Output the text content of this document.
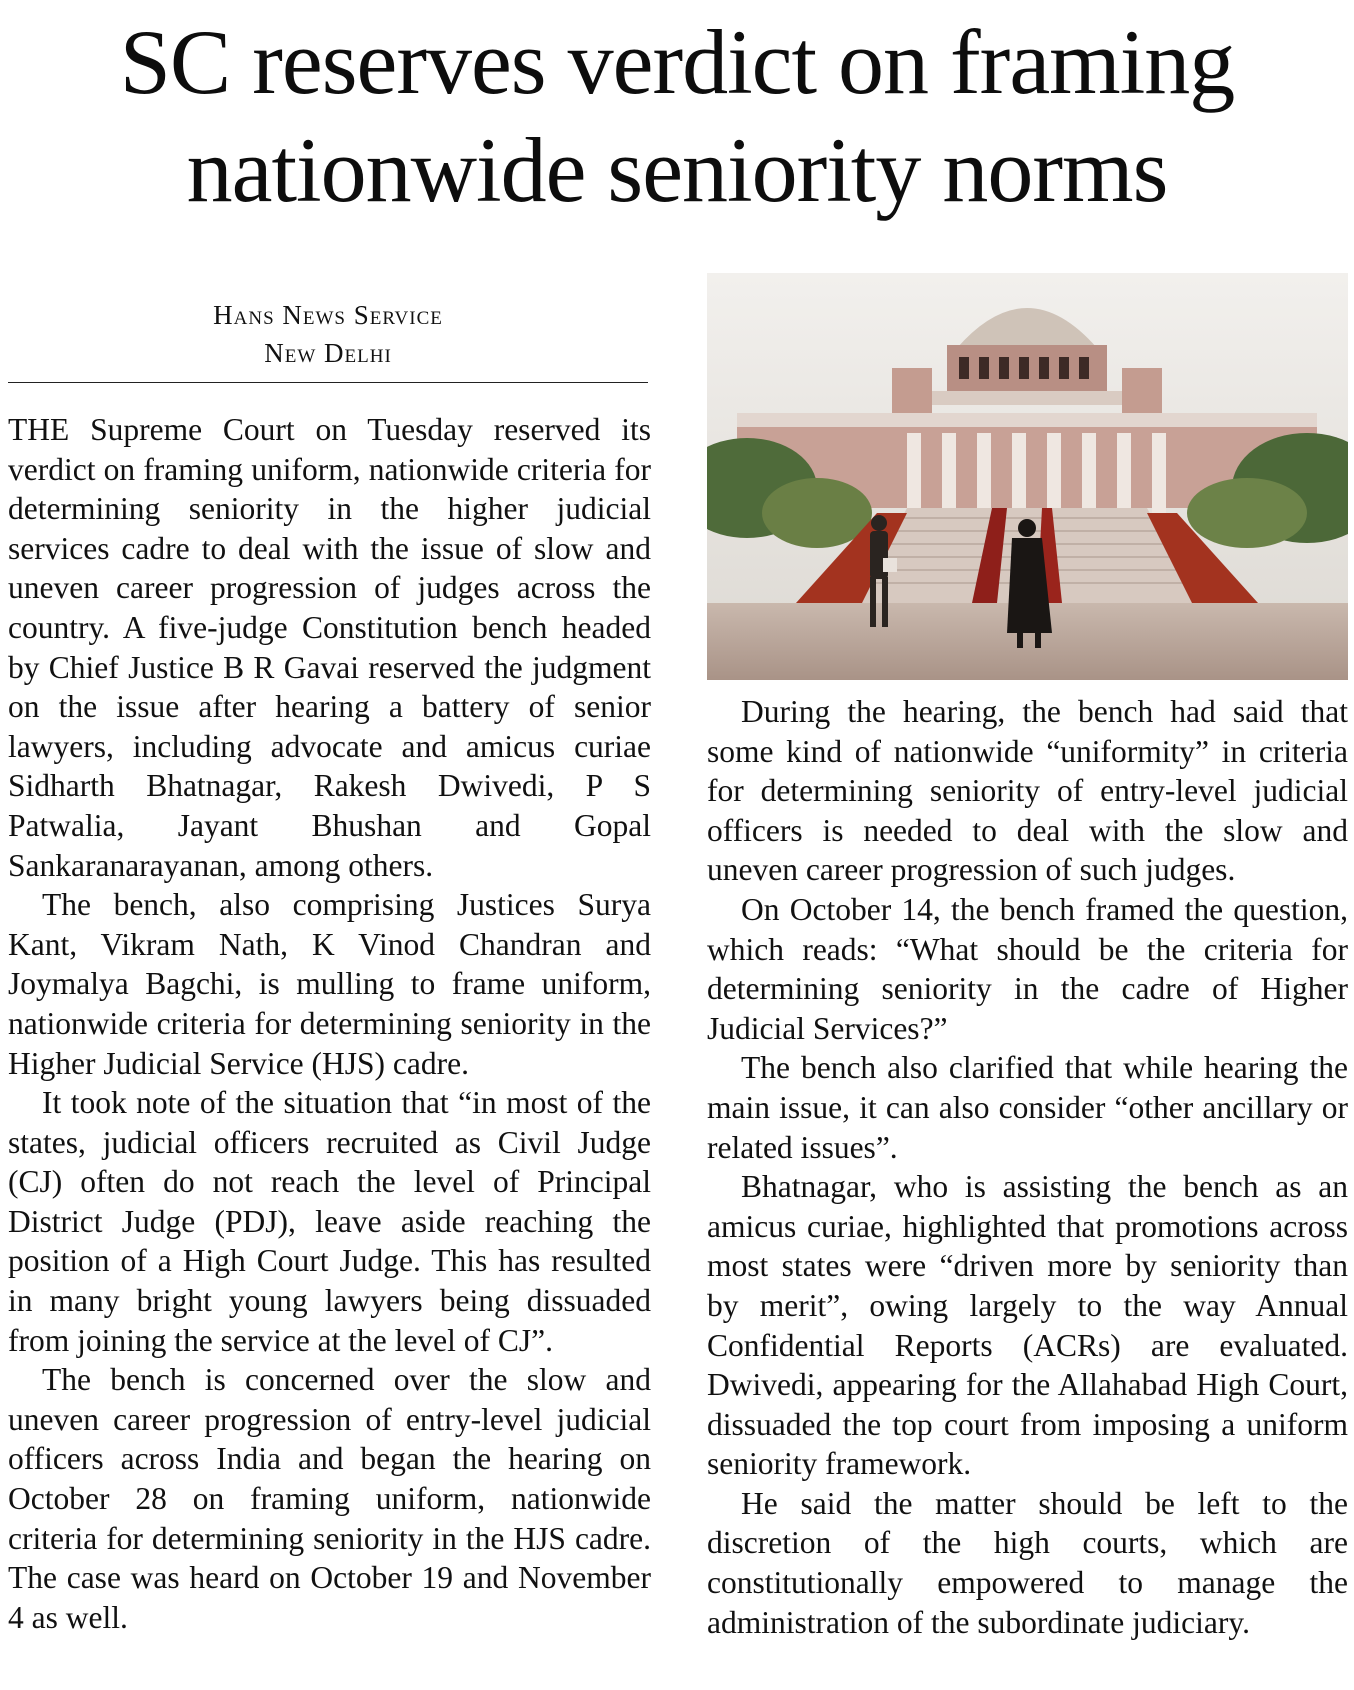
SC reserves verdict on framing
nationwide seniority norms
Hans News Service
New Delhi

THE Supreme Court on Tuesday reserved its verdict on framing uniform, nationwide criteria for determining seniority in the higher judicial services cadre to deal with the issue of slow and uneven career progression of judges across the country. A five-judge Constitution bench headed by Chief Justice B R Gavai reserved the judgment on the issue after hearing a battery of senior lawyers, including advocate and amicus curiae Sidharth Bhatnagar, Rakesh Dwivedi, P S Patwalia, Jayant Bhushan and Gopal Sankaranarayanan, among others.

The bench, also comprising Justices Surya Kant, Vikram Nath, K Vinod Chandran and Joymalya Bagchi, is mulling to frame uniform, nationwide criteria for determining seniority in the Higher Judicial Service (HJS) cadre.

It took note of the situation that “in most of the states, judicial officers recruited as Civil Judge (CJ) often do not reach the level of Principal District Judge (PDJ), leave aside reaching the position of a High Court Judge. This has resulted in many bright young lawyers being dissuaded from joining the service at the level of CJ”.

The bench is concerned over the slow and uneven career progression of entry-level judicial officers across India and began the hearing on October 28 on framing uniform, nationwide criteria for determining seniority in the HJS cadre. The case was heard on October 19 and November 4 as well.

During the hearing, the bench had said that some kind of nationwide “uniformity” in criteria for determining seniority of entry-level judicial officers is needed to deal with the slow and uneven career progression of such judges.

On October 14, the bench framed the question, which reads: “What should be the criteria for determining seniority in the cadre of Higher Judicial Services?”

The bench also clarified that while hearing the main issue, it can also consider “other ancillary or related issues”.

Bhatnagar, who is assisting the bench as an amicus curiae, highlighted that promotions across most states were “driven more by seniority than by merit”, owing largely to the way Annual Confidential Reports (ACRs) are evaluated. Dwivedi, appearing for the Allahabad High Court, dissuaded the top court from imposing a uniform seniority framework.

He said the matter should be left to the discretion of the high courts, which are constitutionally empowered to manage the administration of the subordinate judiciary.
